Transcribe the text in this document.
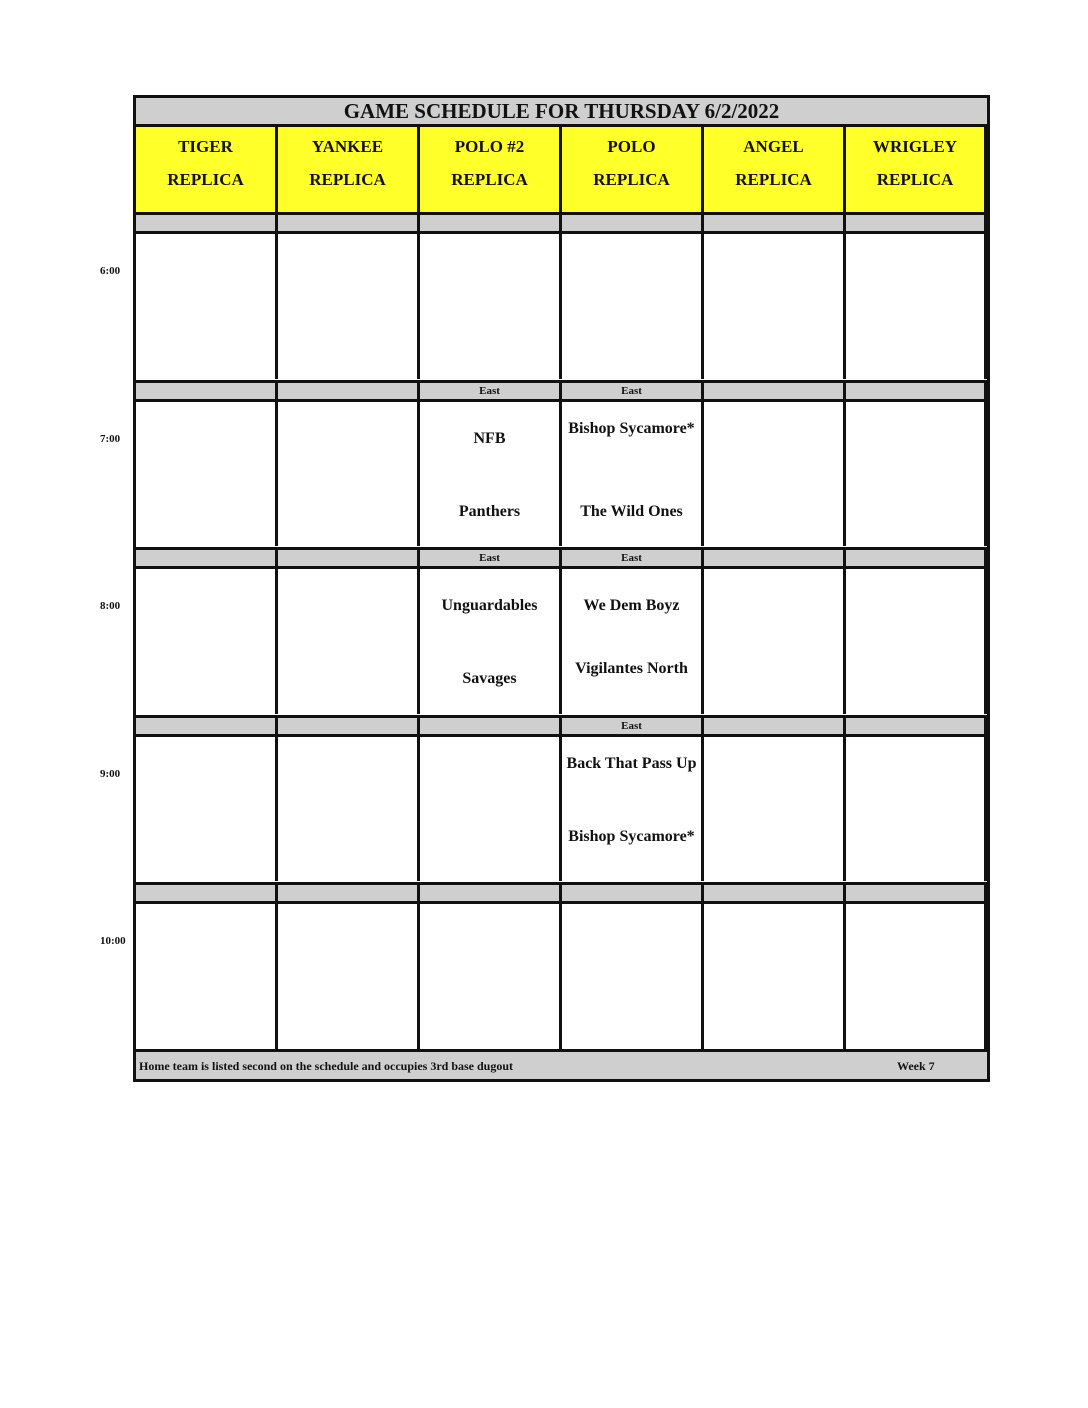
GAME SCHEDULE FOR THURSDAY 6/2/2022
TIGER
REPLICA
YANKEE
REPLICA
POLO #2
REPLICA
POLO
REPLICA
ANGEL
REPLICA
WRIGLEY
REPLICA
East
NFB
Panthers
East
Bishop Sycamore*
The Wild Ones
East
Unguardables
Savages
East
We Dem Boyz
Vigilantes North
East
Back That Pass Up
Bishop Sycamore*
Home team is listed second on the schedule and occupies 3rd base dugout	Week 7
6:00
7:00
8:00
9:00
10:00
